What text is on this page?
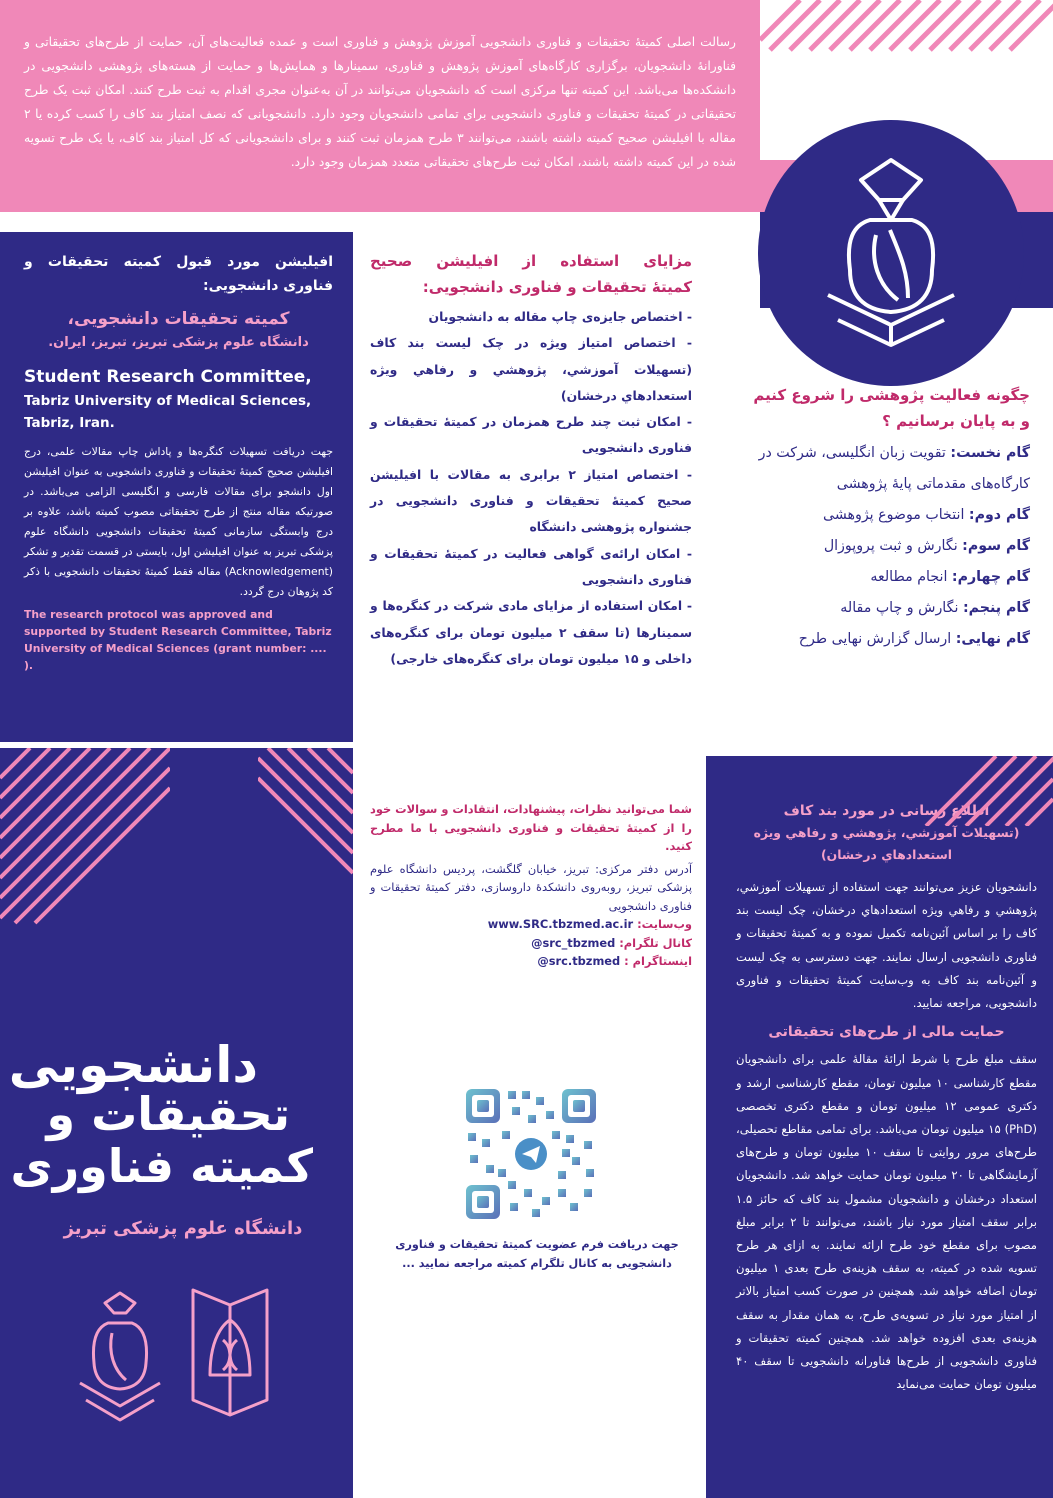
رسالت اصلی کمیتهٔ تحقیقات و فناوری دانشجویی آموزش پژوهش و فناوری است و عمده فعالیت‌های آن، حمایت از طرح‌های تحقیقاتی و فناورانهٔ دانشجویان، برگزاری کارگاه‌های آموزش پژوهش و فناوری، سمینارها و همایش‌ها و حمایت از هسته‌های پژوهشی دانشجویی در دانشکده‌ها می‌باشد. این کمیته تنها مرکزی است که دانشجویان می‌توانند در آن به‌عنوان مجری اقدام به ثبت طرح کنند. امکان ثبت یک طرح تحقیقاتی در کمیتهٔ تحقیقات و فناوری دانشجویی برای تمامی دانشجویان وجود دارد. دانشجویانی که نصف امتیاز بند کاف را کسب کرده یا ۲ مقاله با افیلیشن صحیح کمیته داشته باشند، می‌توانند ۳ طرح همزمان ثبت کنند و برای دانشجویانی که کل امتیاز بند کاف، یا یک طرح تسویه شده در این کمیته داشته باشند، امکان ثبت طرح‌های تحقیقاتی متعدد همزمان وجود دارد.
افیلیشن مورد قبول کمیته تحقیقات و فناوری دانشجویی:
کمیته تحقیقات دانشجویی،
دانشگاه علوم پزشکی تبریز، تبریز، ایران.
Student Research Committee,
Tabriz University of Medical Sciences,
Tabriz, Iran.
جهت دریافت تسهیلات کنگره‌ها و پاداش چاپ مقالات علمی، درج افیلیشن صحیح کمیتهٔ تحقیقات و فناوری دانشجویی به عنوان افیلیشن اول دانشجو برای مقالات فارسی و انگلیسی الزامی می‌باشد. در صورتیکه مقاله منتج از طرح تحقیقاتی مصوب کمیته باشد، علاوه بر درج وابستگی سازمانی کمیتهٔ تحقیقات دانشجویی دانشگاه علوم پزشکی تبریز به عنوان افیلیشن اول، بایستی در قسمت تقدیر و تشکر (Acknowledgement) مقاله فقط کمیتهٔ تحقیقات دانشجویی با ذکر کد پژوهان درج گردد.
The research protocol was approved and supported by Student Research Committee, Tabriz University of Medical Sciences (grant number: .... ).
مزایای استفاده از افیلیشن صحیح
کمیتهٔ تحقیقات و فناوری دانشجویی:
- اختصاص جایزه‌ی چاپ مقاله به دانشجویان
- اختصاص امتیاز ویژه در چک لیست بند کاف (تسهیلات آموزشي، پژوهشي و رفاهي ويژه استعدادهاي درخشان)
- امکان ثبت چند طرح همزمان در کمیتهٔ تحقیقات و فناوری دانشجویی
- اختصاص امتیاز ۲ برابری به مقالات با افیلیشن صحیح کمیتهٔ تحقیقات و فناوری دانشجویی در جشنواره پژوهشی دانشگاه
- امکان ارائه‌ی گواهی فعالیت در کمیتهٔ تحقیقات و فناوری دانشجویی
- امکان استفاده از مزایای مادی شرکت در کنگره‌ها و سمینارها (تا سقف ۲ میلیون تومان برای کنگره‌های داخلی و ۱۵ میلیون تومان برای کنگره‌های خارجی)
چگونه فعالیت پژوهشی را شروع کنیم
و به پایان برسانیم ؟
گام نخست: تقویت زبان انگلیسی، شرکت در کارگاه‌های مقدماتی پایهٔ پژوهشی
گام دوم: انتخاب موضوع پژوهشی
گام سوم: نگارش و ثبت پروپوزال
گام چهارم: انجام مطالعه
گام پنجم: نگارش و چاپ مقاله
گام نهایی: ارسال گزارش نهایی طرح
دانشجویی
تحقیقات و
کمیته فناوری
دانشگاه علوم پزشکی تبریز
شما می‌توانید نظرات، پیشنهادات، انتقادات و سوالات خود را از کمیتهٔ تحقیقات و فناوری دانشجویی با ما مطرح کنید.
آدرس دفتر مرکزی: تبریز، خیابان گلگشت، پردیس دانشگاه علوم پزشکی تبریز، روبه‌روی دانشکدهٔ داروسازی، دفتر کمیتهٔ تحقیقات و فناوری دانشجویی
وب‌سایت: www.SRC.tbzmed.ac.ir
کانال تلگرام: @src_tbzmed
اینستاگرام : @src.tbzmed
جهت دریافت فرم عضویت کمیتهٔ تحقیقات و فناوری دانشجویی به کانال تلگرام کمیته مراجعه نمایید ...
اطلاع رسانی در مورد بند کاف
(تسهیلات آموزشي، پژوهشي و رفاهي ويژه استعدادهاي درخشان)
دانشجویان عزیز می‌توانند جهت استفاده از تسهیلات آموزشي، پژوهشي و رفاهي ويژه استعدادهاي درخشان، چک لیست بند کاف را بر اساس آئین‌نامه تکمیل نموده و به کمیتهٔ تحقیقات و فناوری دانشجویی ارسال نمایند. جهت دسترسی به چک لیست و آئین‌نامه بند کاف به وب‌سایت کمیتهٔ تحقیقات و فناوری دانشجویی، مراجعه نمایید.
حمایت مالی از طرح‌های تحقیقاتی
سقف مبلغ طرح با شرط ارائهٔ مقالهٔ علمی برای دانشجویان مقطع کارشناسی ۱۰ میلیون تومان، مقطع کارشناسی ارشد و دکتری عمومی ۱۲ میلیون تومان و مقطع دکتری تخصصی (PhD) ۱۵ میلیون تومان می‌باشد. برای تمامی مقاطع تحصیلی، طرح‌های مرور روایتی تا سقف ۱۰ میلیون تومان و طرح‌های آزمایشگاهی تا ۲۰ میلیون تومان حمایت خواهد شد. دانشجویان استعداد درخشان و دانشجویان مشمول بند کاف که حائز ۱.۵ برابر سقف امتیاز مورد نیاز باشند، می‌توانند تا ۲ برابر مبلغ مصوب برای مقطع خود طرح ارائه نمایند. به ازای هر طرح تسویه شده در کمیته، به سقف هزینه‌ی طرح بعدی ۱ میلیون تومان اضافه خواهد شد. همچنین در صورت کسب امتیاز بالاتر از امتیاز مورد نیاز در تسویه‌ی طرح، به همان مقدار به سقف هزینه‌ی بعدی افزوده خواهد شد. همچنین کمیته تحقیقات و فناوری دانشجویی از طرح‌ها فناورانه دانشجویی تا سقف ۴۰ میلیون تومان حمایت می‌نماید
